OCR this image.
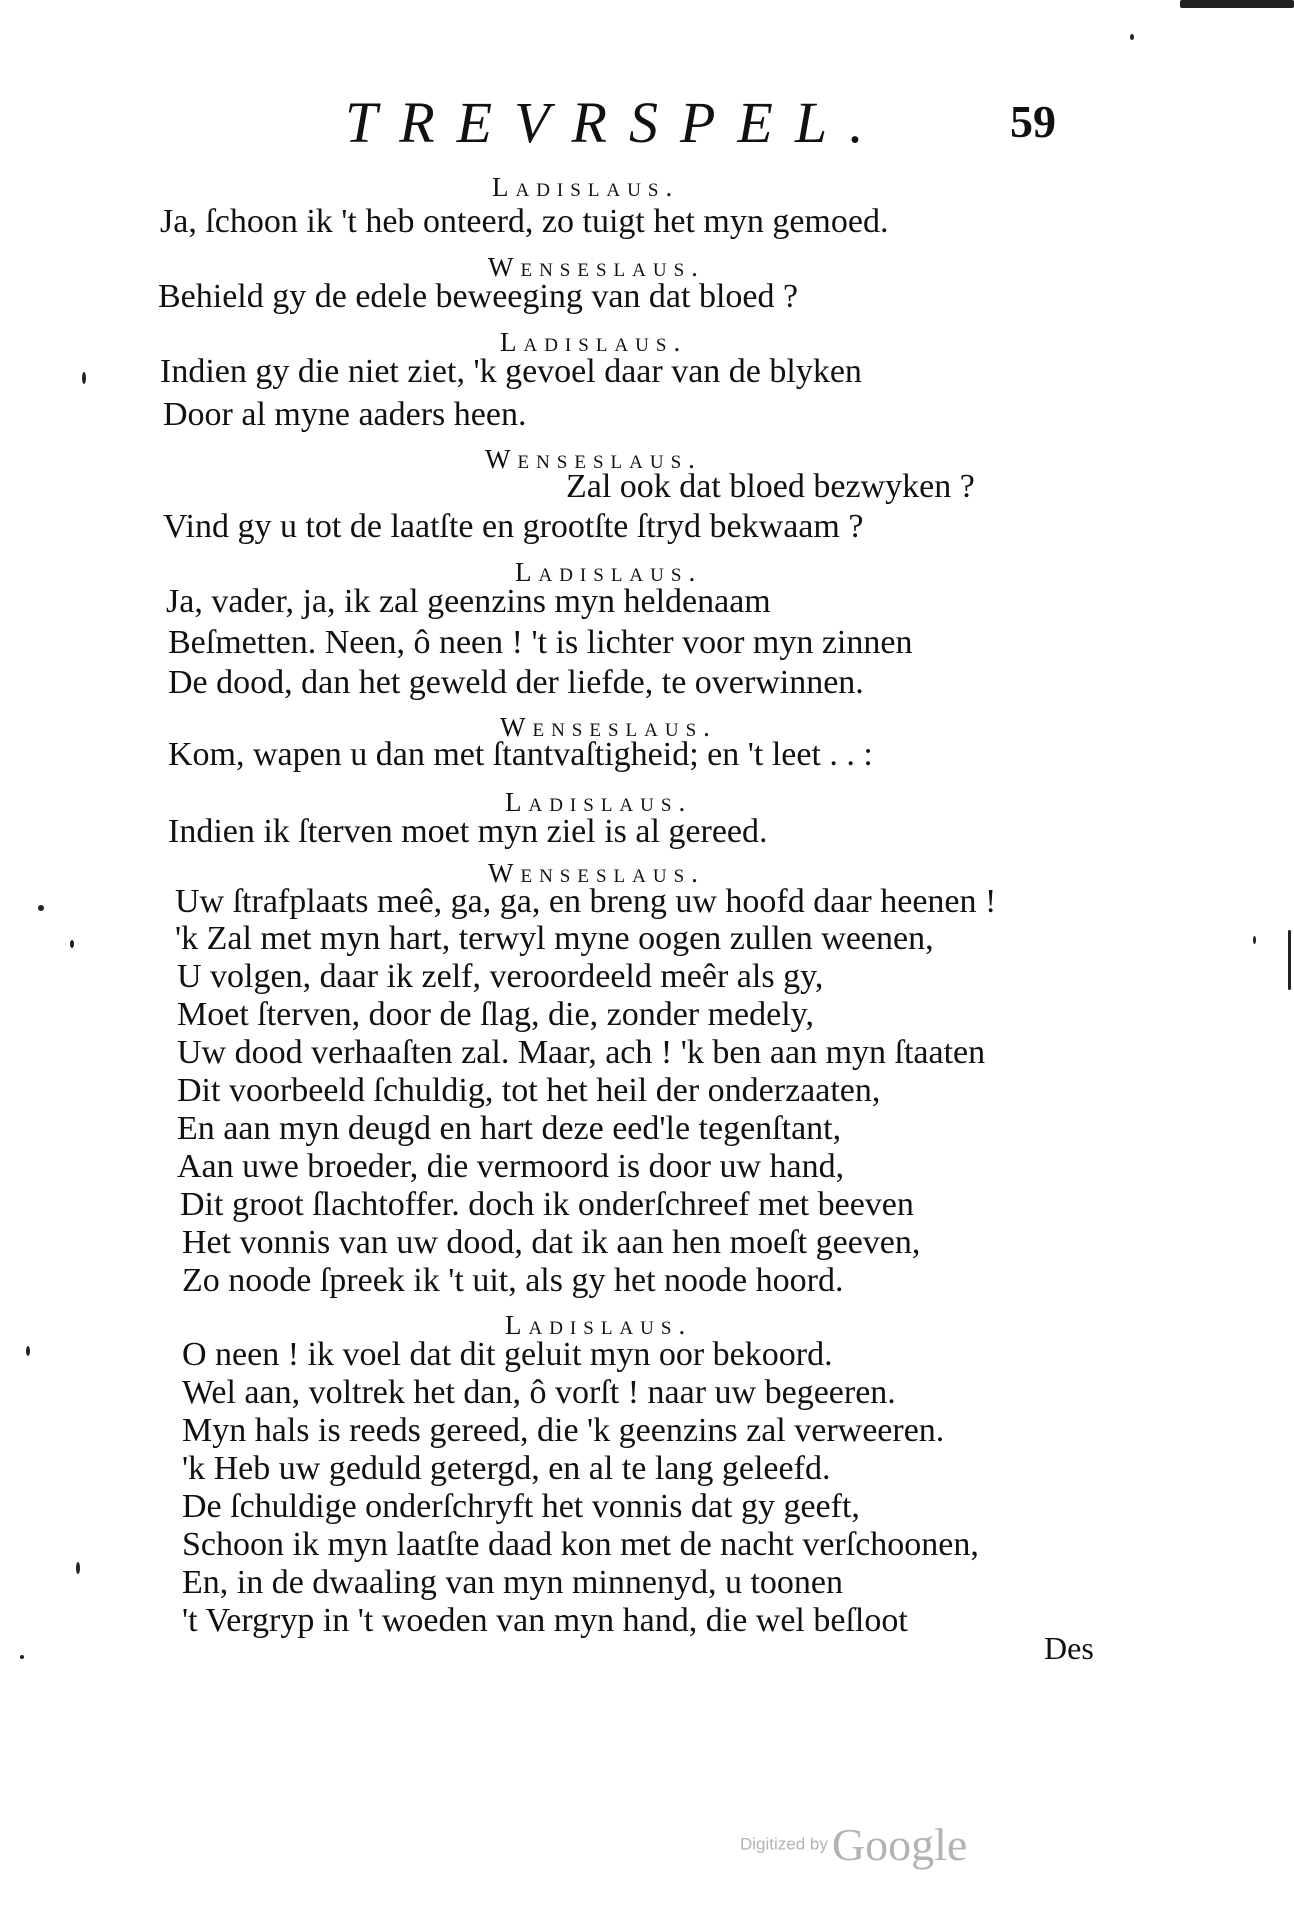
TREVRSPEL.	59
Ladislaus.
Ja, ſchoon ik 't heb onteerd, zo tuigt het myn gemoed.
Wenseslaus.
Behield gy de edele beweeging van dat bloed ?
Ladislaus.
Indien gy die niet ziet, 'k gevoel daar van de blyken
Door al myne aaders heen.
Wenseslaus.
Zal ook dat bloed bezwyken ?
Vind gy u tot de laatſte en grootſte ſtryd bekwaam ?
Ladislaus.
Ja, vader, ja, ik zal geenzins myn heldenaam
Beſmetten. Neen, ô neen ! 't is lichter voor myn zinnen
De dood, dan het geweld der liefde, te overwinnen.
Wenseslaus.
Kom, wapen u dan met ſtantvaſtigheid; en 't leet . . :
Ladislaus.
Indien ik ſterven moet myn ziel is al gereed.
Wenseslaus.
Uw ſtrafplaats meê, ga, ga, en breng uw hoofd daar heenen !
'k Zal met myn hart, terwyl myne oogen zullen weenen,
U volgen, daar ik zelf, veroordeeld meêr als gy,
Moet ſterven, door de ſlag, die, zonder medely,
Uw dood verhaaſten zal. Maar, ach ! 'k ben aan myn ſtaaten
Dit voorbeeld ſchuldig, tot het heil der onderzaaten,
En aan myn deugd en hart deze eed'le tegenſtant,
Aan uwe broeder, die vermoord is door uw hand,
Dit groot ſlachtoffer. doch ik onderſchreef met beeven
Het vonnis van uw dood, dat ik aan hen moeſt geeven,
Zo noode ſpreek ik 't uit, als gy het noode hoord.
Ladislaus.
O neen ! ik voel dat dit geluit myn oor bekoord.
Wel aan, voltrek het dan, ô vorſt ! naar uw begeeren.
Myn hals is reeds gereed, die 'k geenzins zal verweeren.
'k Heb uw geduld getergd, en al te lang geleefd.
De ſchuldige onderſchryft het vonnis dat gy geeft,
Schoon ik myn laatſte daad kon met de nacht verſchoonen,
En, in de dwaaling van myn minnenyd, u toonen
't Vergryp in 't woeden van myn hand, die wel beſloot
Des
Digitized by Google
